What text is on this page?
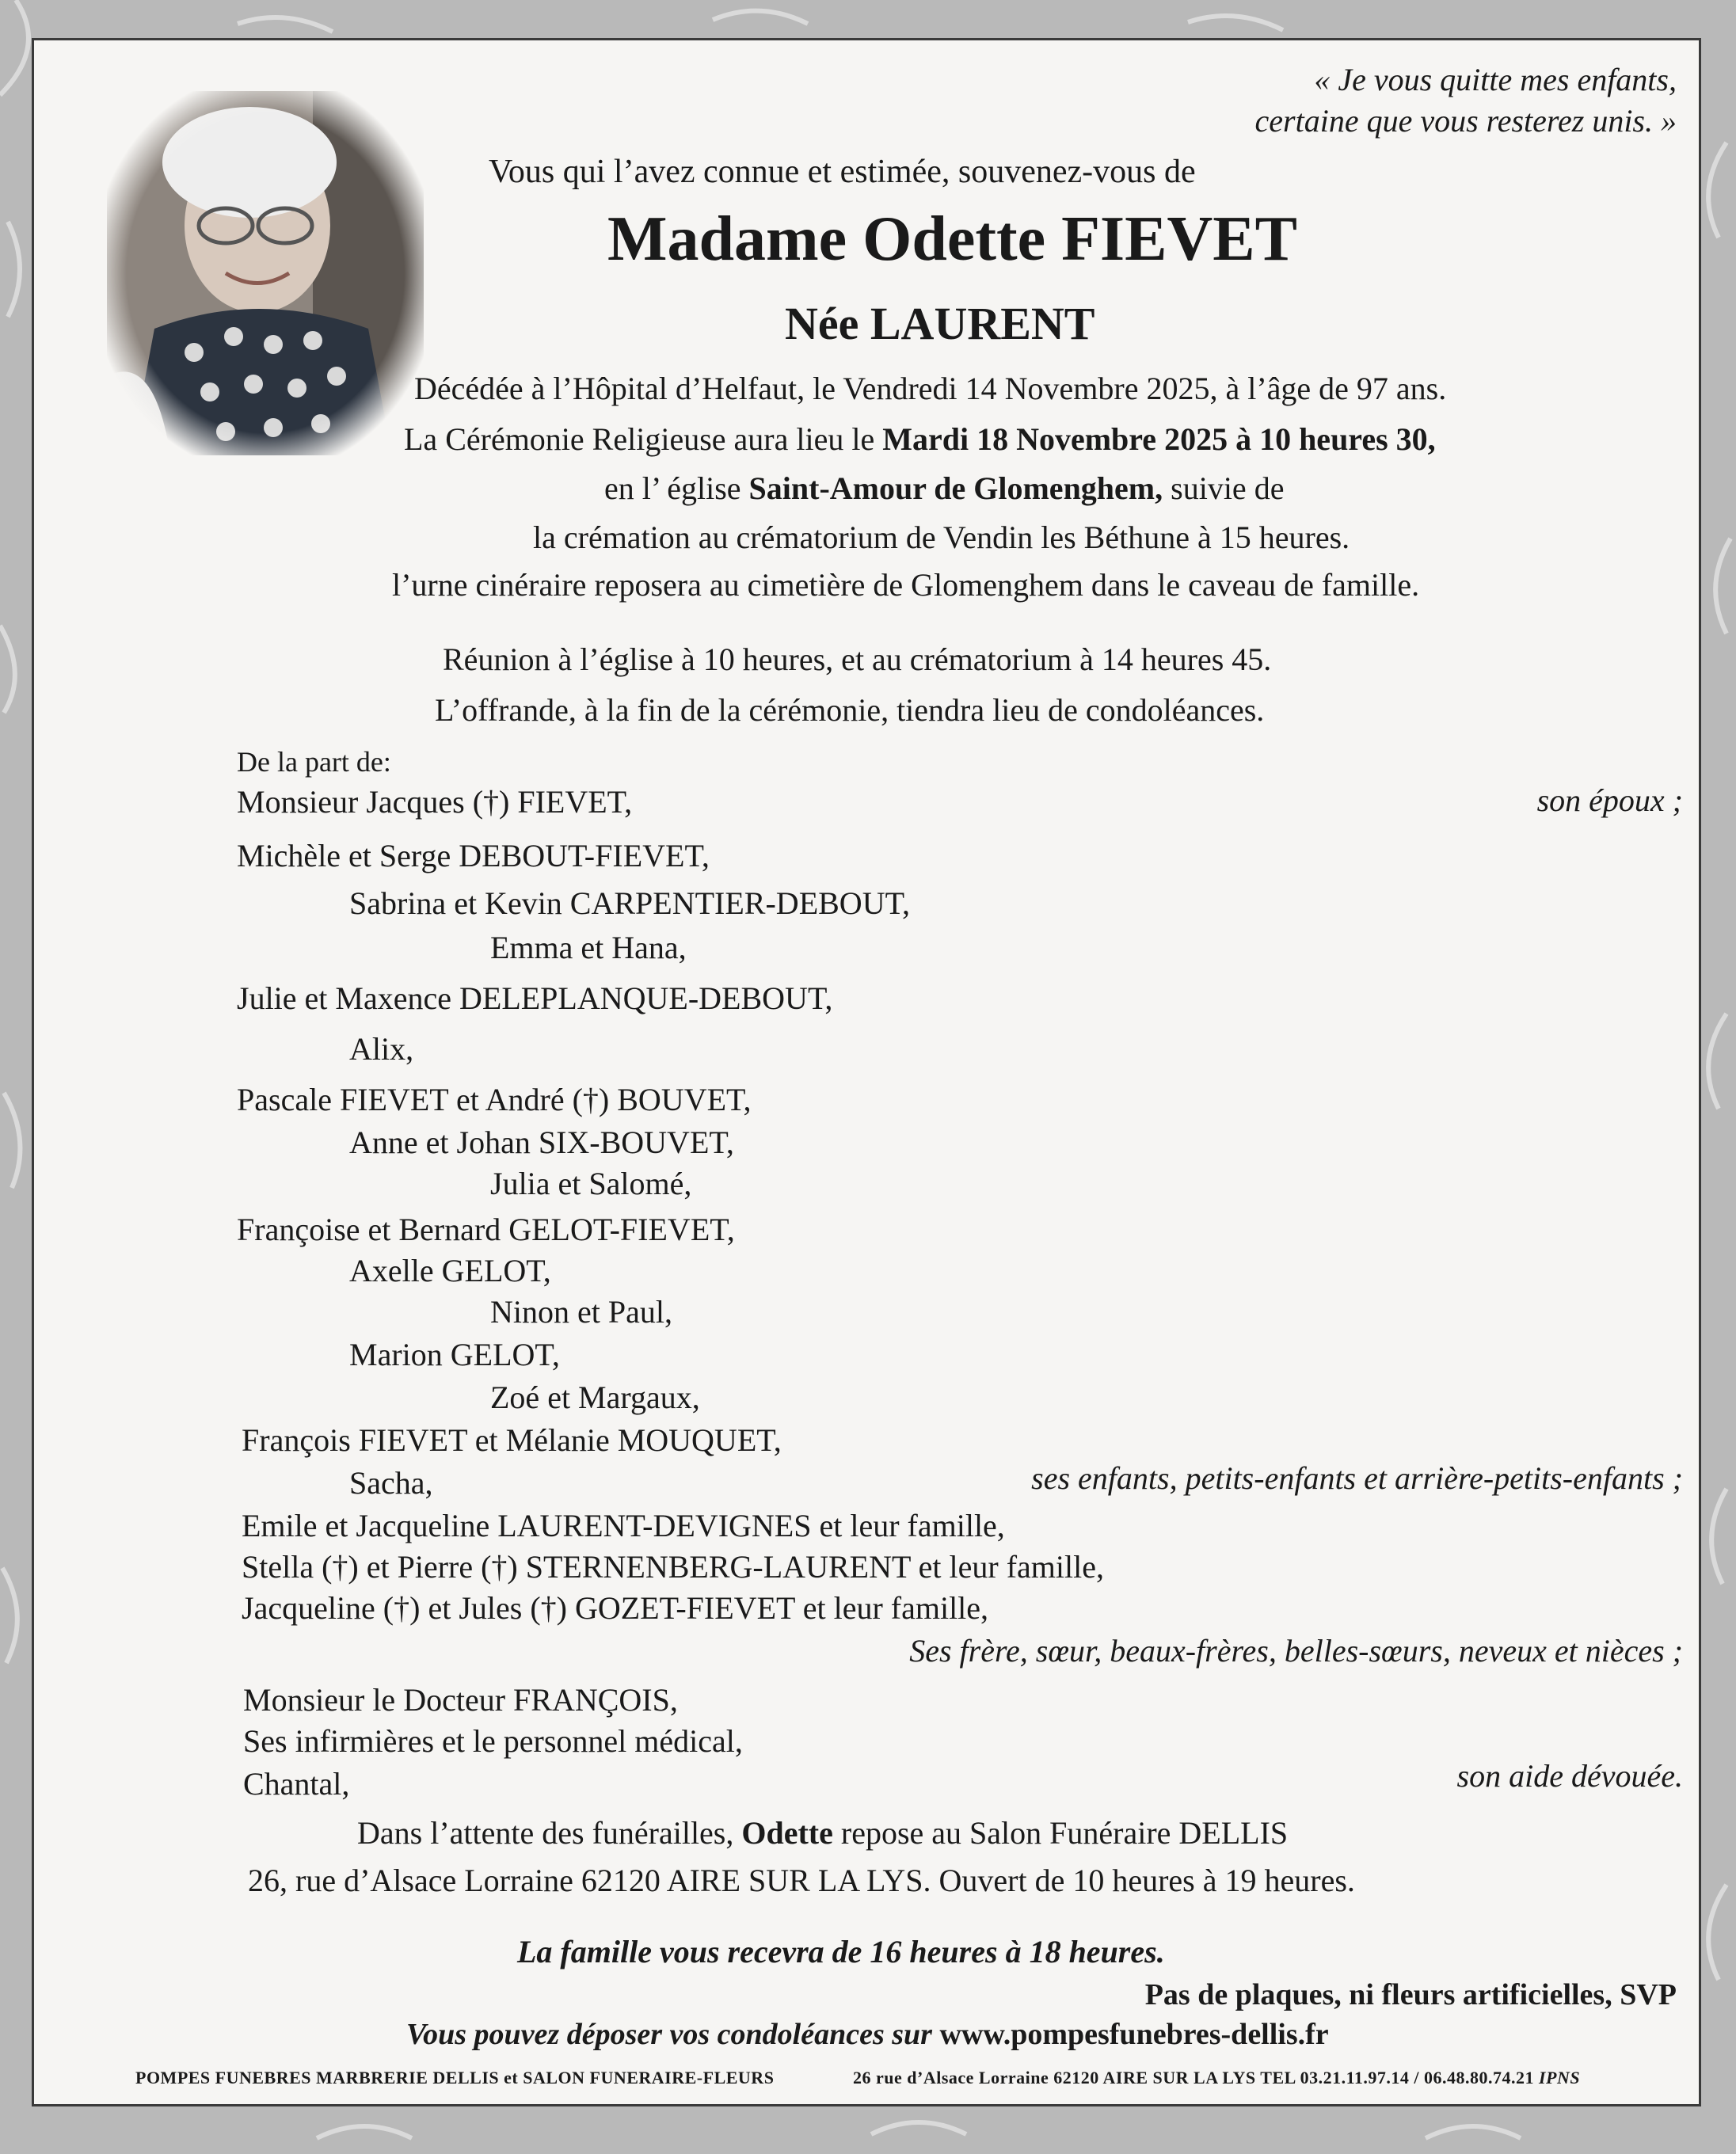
« Je vous quitte mes enfants,
certaine que vous resterez unis. »
Vous qui l’avez connue et estimée, souvenez-vous de
Madame Odette FIEVET
Née LAURENT
Décédée à l’Hôpital d’Helfaut, le Vendredi 14 Novembre 2025, à l’âge de 97 ans.
La Cérémonie Religieuse aura lieu le Mardi 18 Novembre 2025 à 10 heures 30,
en l’ église Saint-Amour de Glomenghem, suivie de
la crémation au crématorium de Vendin les Béthune à 15 heures.
l’urne cinéraire reposera au cimetière de Glomenghem dans le caveau de famille.
Réunion à l’église à 10 heures, et au crématorium à 14 heures 45.
L’offrande, à la fin de la cérémonie, tiendra lieu de condoléances.
De la part de:
Monsieur Jacques (†) FIEVET,	son époux ;
Michèle et Serge DEBOUT-FIEVET,
Sabrina et Kevin CARPENTIER-DEBOUT,
Emma et Hana,
Julie et Maxence DELEPLANQUE-DEBOUT,
Alix,
Pascale FIEVET et André (†) BOUVET,
Anne et Johan SIX-BOUVET,
Julia et Salomé,
Françoise et Bernard GELOT-FIEVET,
Axelle GELOT,
Ninon et Paul,
Marion GELOT,
Zoé et Margaux,
François FIEVET et Mélanie MOUQUET,
Sacha,	ses enfants, petits-enfants et arrière-petits-enfants ;
Emile et Jacqueline LAURENT-DEVIGNES et leur famille,
Stella (†) et Pierre (†) STERNENBERG-LAURENT et leur famille,
Jacqueline (†) et Jules (†) GOZET-FIEVET et leur famille,
Ses frère, sœur, beaux-frères, belles-sœurs, neveux et nièces ;
Monsieur le Docteur FRANÇOIS,
Ses infirmières et le personnel médical,
Chantal,	son aide dévouée.
Dans l’attente des funérailles, Odette repose au Salon Funéraire DELLIS
26, rue d’Alsace Lorraine 62120 AIRE SUR LA LYS. Ouvert de 10 heures à 19 heures.
La famille vous recevra de 16 heures à 18 heures.
Pas de plaques, ni fleurs artificielles, SVP
Vous pouvez déposer vos condoléances sur www.pompesfunebres-dellis.fr
POMPES FUNEBRES MARBRERIE DELLIS et SALON FUNERAIRE-FLEURS	26 rue d’Alsace Lorraine 62120 AIRE SUR LA LYS TEL 03.21.11.97.14 / 06.48.80.74.21 IPNS
